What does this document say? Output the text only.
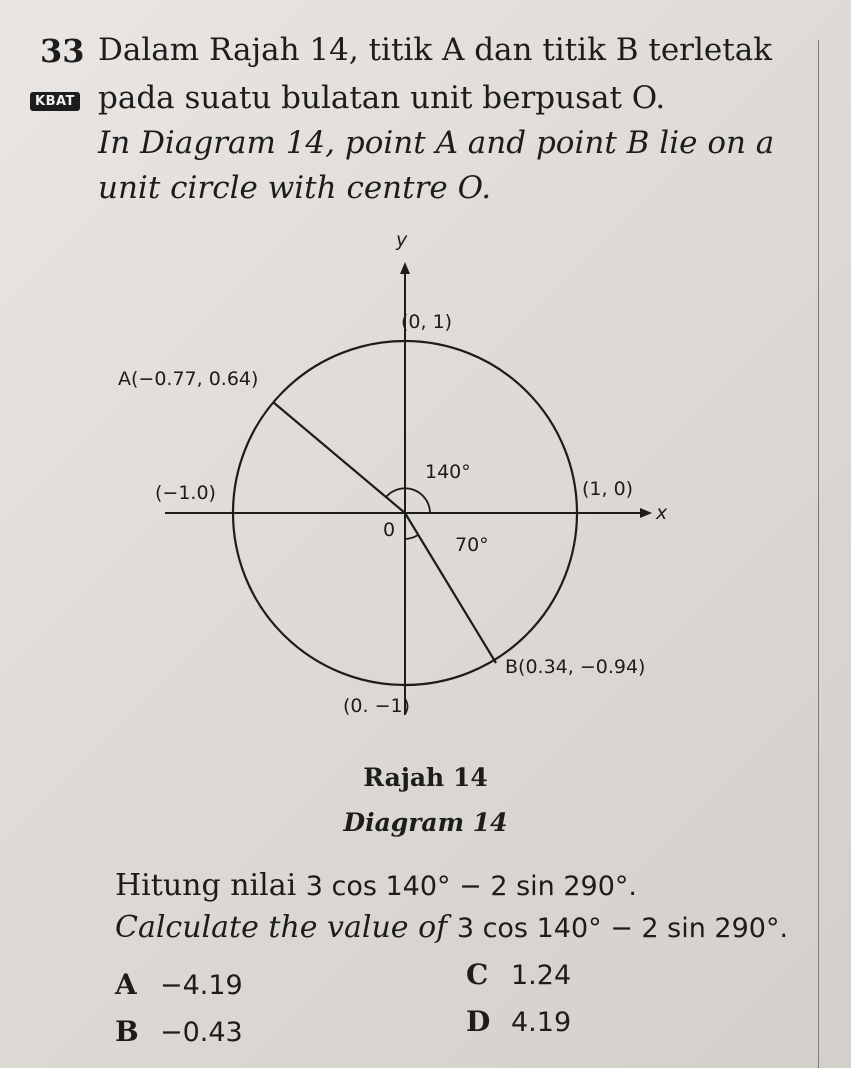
33
KBAT
Dalam Rajah 14, titik A dan titik B terletak
pada suatu bulatan unit berpusat O.
In Diagram 14, point A and point B lie on a
unit circle with centre O.
y
x
0
(0, 1)
(1, 0)
(−1.0)
(0. −1)
A(−0.77, 0.64)
B(0.34, −0.94)
140°
70°
Rajah 14
Diagram 14
Hitung nilai 3 cos 140° − 2 sin 290°.
Calculate the value of 3 cos 140° − 2 sin 290°.
A −4.19
B −0.43
C 1.24
D 4.19
